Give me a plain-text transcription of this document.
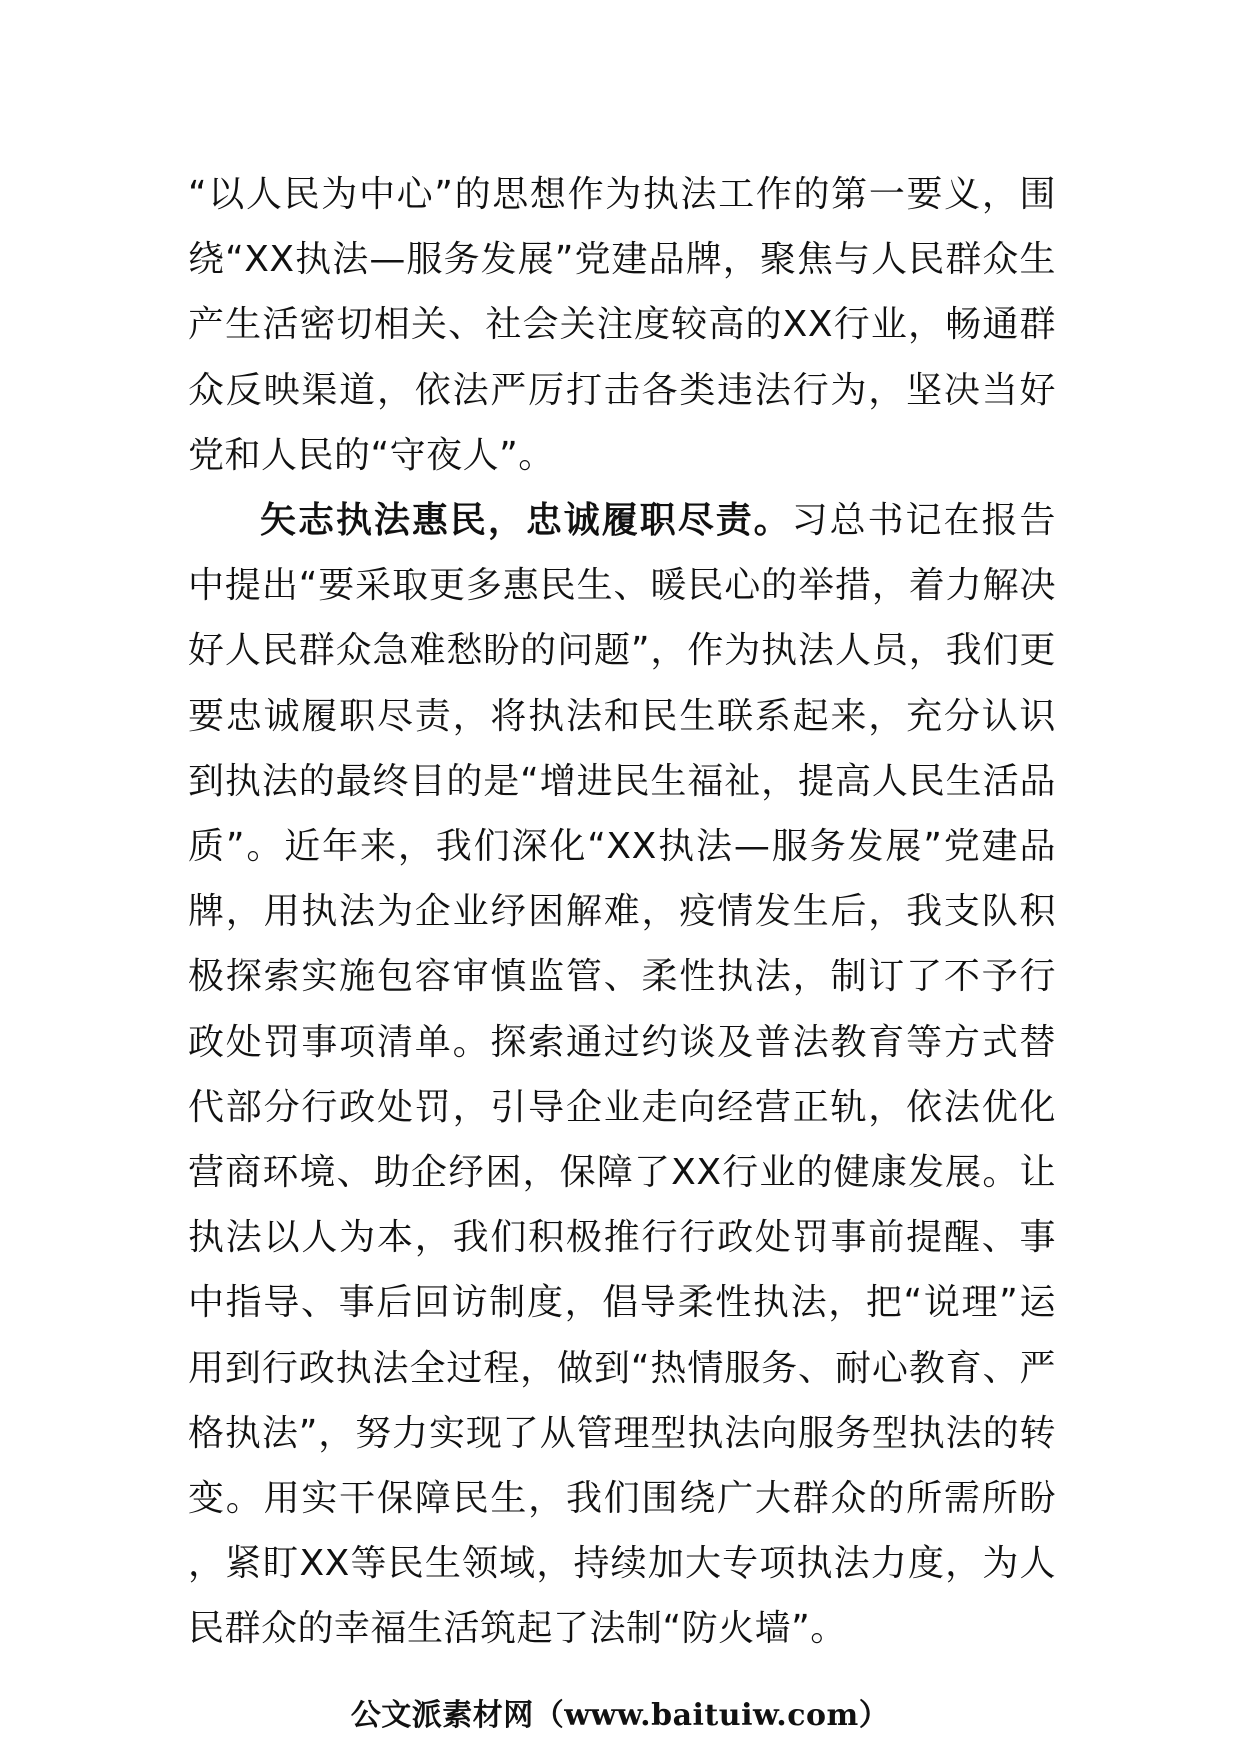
“以人民为中心”的思想作为执法工作的第一要义，围绕“XX执法—服务发展”党建品牌，聚焦与人民群众生产生活密切相关、社会关注度较高的XX行业，畅通群众反映渠道，依法严厉打击各类违法行为，坚决当好党和人民的“守夜人”。

矢志执法惠民，忠诚履职尽责。习总书记在报告中提出“要采取更多惠民生、暖民心的举措，着力解决好人民群众急难愁盼的问题”，作为执法人员，我们更要忠诚履职尽责，将执法和民生联系起来，充分认识到执法的最终目的是“增进民生福祉，提高人民生活品质”。近年来，我们深化“XX执法—服务发展”党建品牌，用执法为企业纾困解难，疫情发生后，我支队积极探索实施包容审慎监管、柔性执法，制订了不予行政处罚事项清单。探索通过约谈及普法教育等方式替代部分行政处罚，引导企业走向经营正轨，依法优化营商环境、助企纾困，保障了XX行业的健康发展。让执法以人为本，我们积极推行行政处罚事前提醒、事中指导、事后回访制度，倡导柔性执法，把“说理”运用到行政执法全过程，做到“热情服务、耐心教育、严格执法”，努力实现了从管理型执法向服务型执法的转变。用实干保障民生，我们围绕广大群众的所需所盼，紧盯XX等民生领域，持续加大专项执法力度，为人民群众的幸福生活筑起了法制“防火墙”。

公文派素材网（www.baituiw.com）
